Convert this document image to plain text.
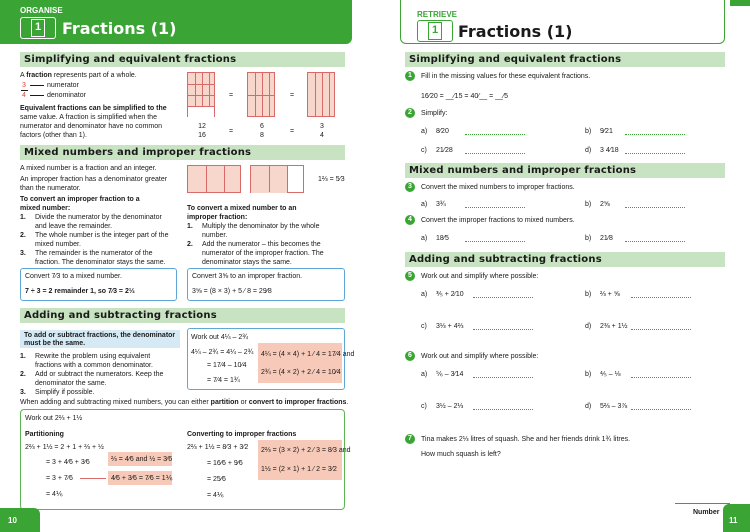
ORGANISE
1 Fractions (1)
Simplifying and equivalent fractions
A fraction represents part of a whole.
3	numerator
4	denominator
Equivalent fractions can be simplified to the
same value. A fraction is simplified when the
numerator and denominator have no common
factors (other than 1).
=	=
12
16
=
6
8
=
3
4
Mixed numbers and improper fractions
A mixed number is a fraction and an integer.
An improper fraction has a denominator greater
than the numerator.
1⅔ = 5⁄3
To convert an improper fraction to a
mixed number:
1. Divide the numerator by the denominator
and leave the remainder.
2. The whole number is the integer part of the
mixed number.
3. The remainder is the numerator of the
fraction. The denominator stays the same.
To convert a mixed number to an
improper fraction:
1. Multiply the denominator by the whole
number.
2. Add the numerator – this becomes the
numerator of the improper fraction. The
denominator stays the same.
Convert 7⁄3 to a mixed number.
7 ÷ 3 = 2 remainder 1, so 7⁄3 = 2⅓
Convert 3⅝ to an improper fraction.
3⅝ = (8 × 3) + 5 ⁄ 8 = 29⁄8
Adding and subtracting fractions
To add or subtract fractions, the denominator
must be the same.
1. Rewrite the problem using equivalent
fractions with a common denominator.
2. Add or subtract the numerators. Keep the
denominator the same.
3. Simplify if possible.
Work out 4¼ – 2¾
4¼ – 2¾ = 4¼ – 2¾
= 17⁄4 – 10⁄4
= 7⁄4 = 1¾
4¼ = (4 × 4) + 1 ⁄ 4 = 17⁄4 and
2¾ = (4 × 2) + 2 ⁄ 4 = 10⁄4
When adding and subtracting mixed numbers, you can either partition or convert to improper fractions.
Work out 2⅔ + 1½
Partitioning
2⅔ + 1½ = 2 + 1 + ⅔ + ½
= 3 + 4⁄6 + 3⁄6
= 3 + 7⁄6
= 4⅙
⅔ = 4⁄6 and ½ = 3⁄6
4⁄6 + 3⁄6 = 7⁄6 = 1⅙
Converting to improper fractions
2⅔ + 1½ = 8⁄3 + 3⁄2
= 16⁄6 + 9⁄6
= 25⁄6
= 4⅙
2⅔ = (3 × 2) + 2 ⁄ 3 = 8⁄3 and
1½ = (2 × 1) + 1 ⁄ 2 = 3⁄2
10
RETRIEVE
1 Fractions (1)
Simplifying and equivalent fractions
1	Fill in the missing values for these equivalent fractions.
16⁄20 = __⁄15 = 40⁄__ = __⁄5
2	Simplify:
a) 8⁄20	b) 9⁄21
c) 21⁄28	d) 3 4⁄18
Mixed numbers and improper fractions
3	Convert the mixed numbers to improper fractions.
a) 3¾	b) 2⅝
4	Convert the improper fractions to mixed numbers.
a) 18⁄5	b) 21⁄8
Adding and subtracting fractions
5	Work out and simplify where possible:
a) ⅗ + 2⁄10	b) ⅔ + ⅝
c) 3⅓ + 4⅔	d) 2⅜ + 1½
6	Work out and simplify where possible:
a) ⅚ – 3⁄14	b) ⅘ – ⅛
c) 3½ – 2⅓	d) 5⅔ – 3⅞
7	Tina makes 2⅓ litres of squash. She and her friends drink 1¾ litres.
How much squash is left?
Number
11
